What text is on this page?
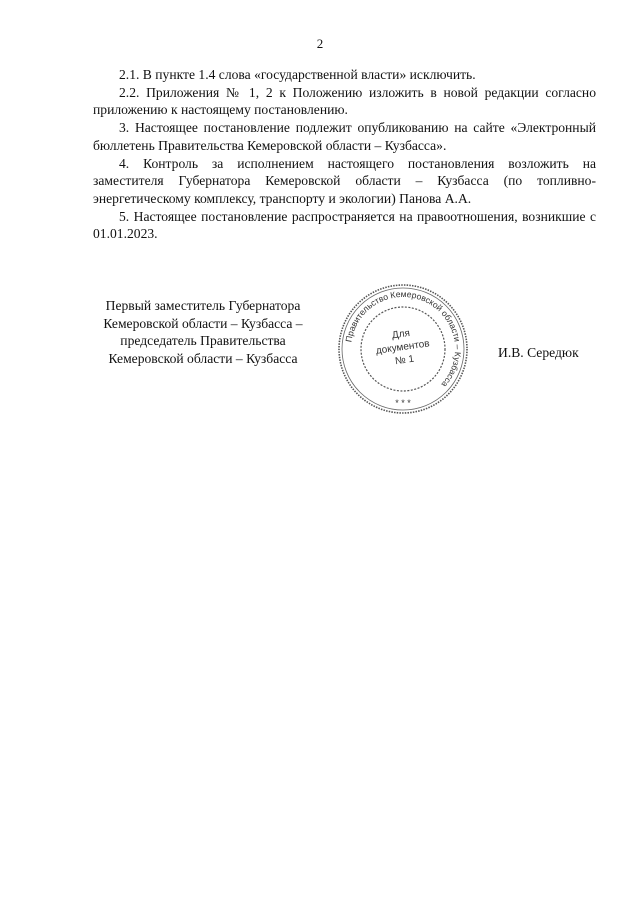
2

2.1. В пункте 1.4 слова «государственной власти» исключить.

2.2. Приложения № 1, 2 к Положению изложить в новой редакции согласно приложению к настоящему постановлению.

3. Настоящее постановление подлежит опубликованию на сайте «Электронный бюллетень Правительства Кемеровской области – Кузбасса».

4. Контроль за исполнением настоящего постановления возложить на заместителя Губернатора Кемеровской области – Кузбасса (по топливно-энергетическому комплексу, транспорту и экологии) Панова А.А.

5. Настоящее постановление распространяется на правоотношения, возникшие с 01.01.2023.

Первый заместитель Губернатора
Кемеровской области – Кузбасса –
председатель Правительства
Кемеровской области – Кузбасса
Правительство Кемеровской области – Кузбасса
* * *
Для
документов
№ 1
И.В. Середюк
